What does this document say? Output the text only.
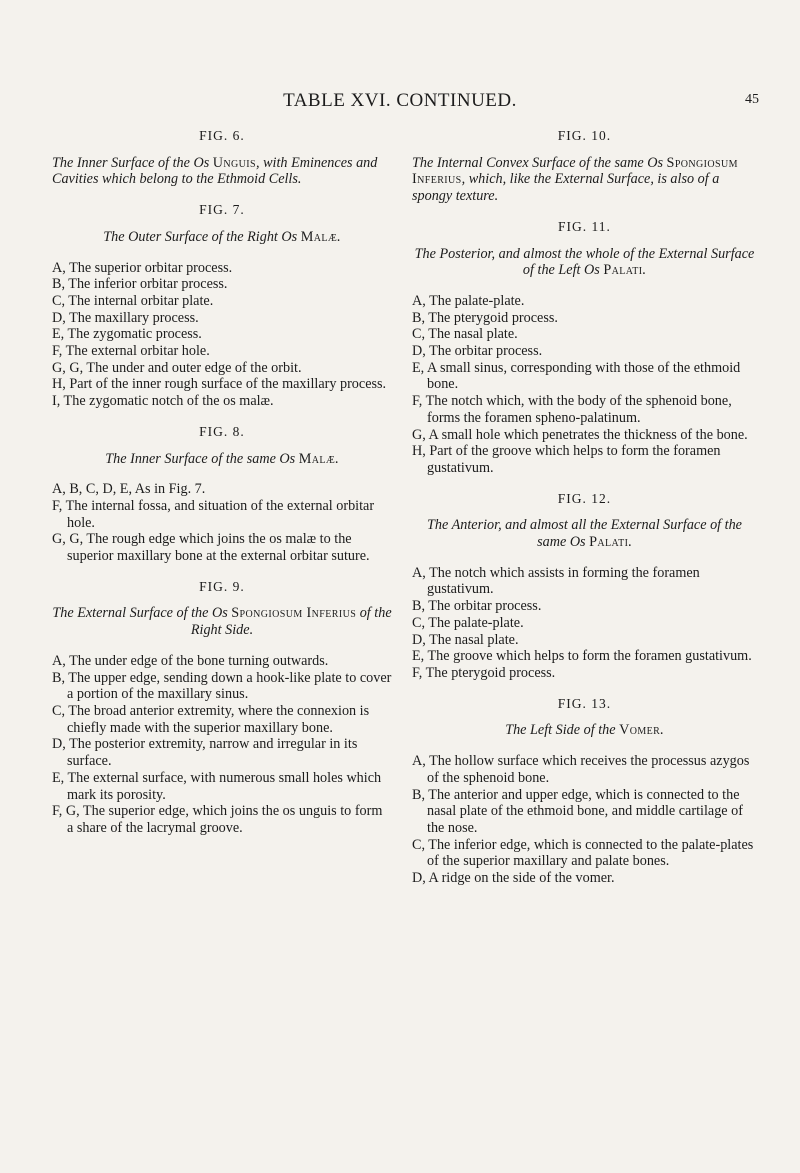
TABLE XVI. CONTINUED.	45
FIG. 6.
The Inner Surface of the Os Unguis, with Eminences and Cavities which belong to the Ethmoid Cells.
FIG. 7.
The Outer Surface of the Right Os Malæ.

A, The superior orbitar process.

B, The inferior orbitar process.

C, The internal orbitar plate.

D, The maxillary process.

E, The zygomatic process.

F, The external orbitar hole.

G, G, The under and outer edge of the orbit.

H, Part of the inner rough surface of the maxillary process.

I, The zygomatic notch of the os malæ.

FIG. 8.
The Inner Surface of the same Os Malæ.

A, B, C, D, E, As in Fig. 7.

F, The internal fossa, and situation of the external orbitar hole.

G, G, The rough edge which joins the os malæ to the superior maxillary bone at the external orbitar suture.

FIG. 9.
The External Surface of the Os Spongiosum Inferius of the Right Side.

A, The under edge of the bone turning outwards.

B, The upper edge, sending down a hook-like plate to cover a portion of the maxillary sinus.

C, The broad anterior extremity, where the connexion is chiefly made with the superior maxillary bone.

D, The posterior extremity, narrow and irregular in its surface.

E, The external surface, with numerous small holes which mark its porosity.

F, G, The superior edge, which joins the os unguis to form a share of the lacrymal groove.

FIG. 10.
The Internal Convex Surface of the same Os Spongiosum Inferius, which, like the External Surface, is also of a spongy texture.
FIG. 11.
The Posterior, and almost the whole of the External Surface of the Left Os Palati.

A, The palate-plate.

B, The pterygoid process.

C, The nasal plate.

D, The orbitar process.

E, A small sinus, corresponding with those of the ethmoid bone.

F, The notch which, with the body of the sphenoid bone, forms the foramen spheno-palatinum.

G, A small hole which penetrates the thickness of the bone.

H, Part of the groove which helps to form the foramen gustativum.

FIG. 12.
The Anterior, and almost all the External Surface of the same Os Palati.

A, The notch which assists in forming the foramen gustativum.

B, The orbitar process.

C, The palate-plate.

D, The nasal plate.

E, The groove which helps to form the foramen gustativum.

F, The pterygoid process.

FIG. 13.
The Left Side of the Vomer.

A, The hollow surface which receives the processus azygos of the sphenoid bone.

B, The anterior and upper edge, which is connected to the nasal plate of the ethmoid bone, and middle cartilage of the nose.

C, The inferior edge, which is connected to the palate-plates of the superior maxillary and palate bones.

D, A ridge on the side of the vomer.
